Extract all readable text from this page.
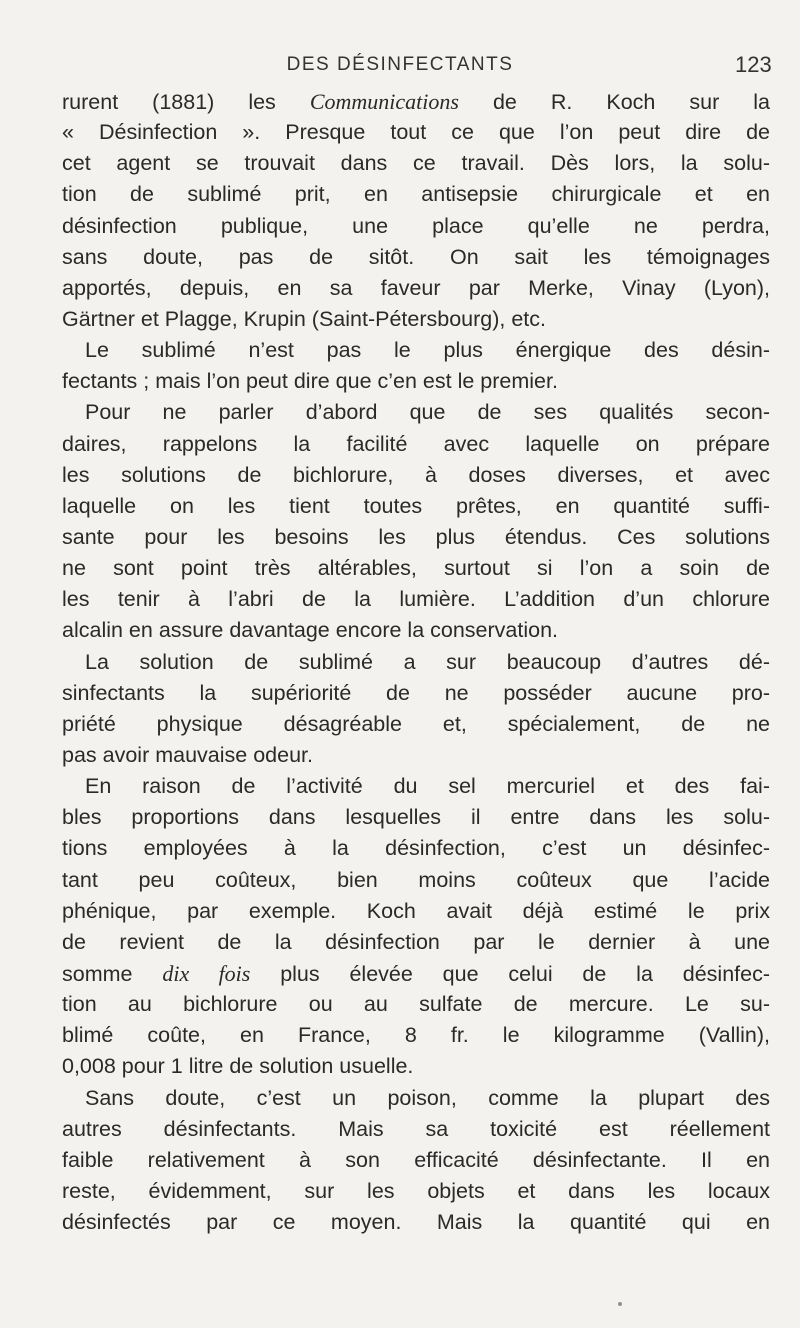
DES DÉSINFECTANTS	123
rurent (1881) les Communications de R. Koch sur la
« Désinfection ». Presque tout ce que l’on peut dire de
cet agent se trouvait dans ce travail. Dès lors, la solu-
tion de sublimé prit, en antisepsie chirurgicale et en
désinfection publique, une place qu’elle ne perdra,
sans doute, pas de sitôt. On sait les témoignages
apportés, depuis, en sa faveur par Merke, Vinay (Lyon),
Gärtner et Plagge, Krupin (Saint-Pétersbourg), etc.
Le sublimé n’est pas le plus énergique des désin-
fectants ; mais l’on peut dire que c’en est le premier.
Pour ne parler d’abord que de ses qualités secon-
daires, rappelons la facilité avec laquelle on prépare
les solutions de bichlorure, à doses diverses, et avec
laquelle on les tient toutes prêtes, en quantité suffi-
sante pour les besoins les plus étendus. Ces solutions
ne sont point très altérables, surtout si l’on a soin de
les tenir à l’abri de la lumière. L’addition d’un chlorure
alcalin en assure davantage encore la conservation.
La solution de sublimé a sur beaucoup d’autres dé-
sinfectants la supériorité de ne posséder aucune pro-
priété physique désagréable et, spécialement, de ne
pas avoir mauvaise odeur.
En raison de l’activité du sel mercuriel et des fai-
bles proportions dans lesquelles il entre dans les solu-
tions employées à la désinfection, c’est un désinfec-
tant peu coûteux, bien moins coûteux que l’acide
phénique, par exemple. Koch avait déjà estimé le prix
de revient de la désinfection par le dernier à une
somme dix fois plus élevée que celui de la désinfec-
tion au bichlorure ou au sulfate de mercure. Le su-
blimé coûte, en France, 8 fr. le kilogramme (Vallin),
0,008 pour 1 litre de solution usuelle.
Sans doute, c’est un poison, comme la plupart des
autres désinfectants. Mais sa toxicité est réellement
faible relativement à son efficacité désinfectante. Il en
reste, évidemment, sur les objets et dans les locaux
désinfectés par ce moyen. Mais la quantité qui en
